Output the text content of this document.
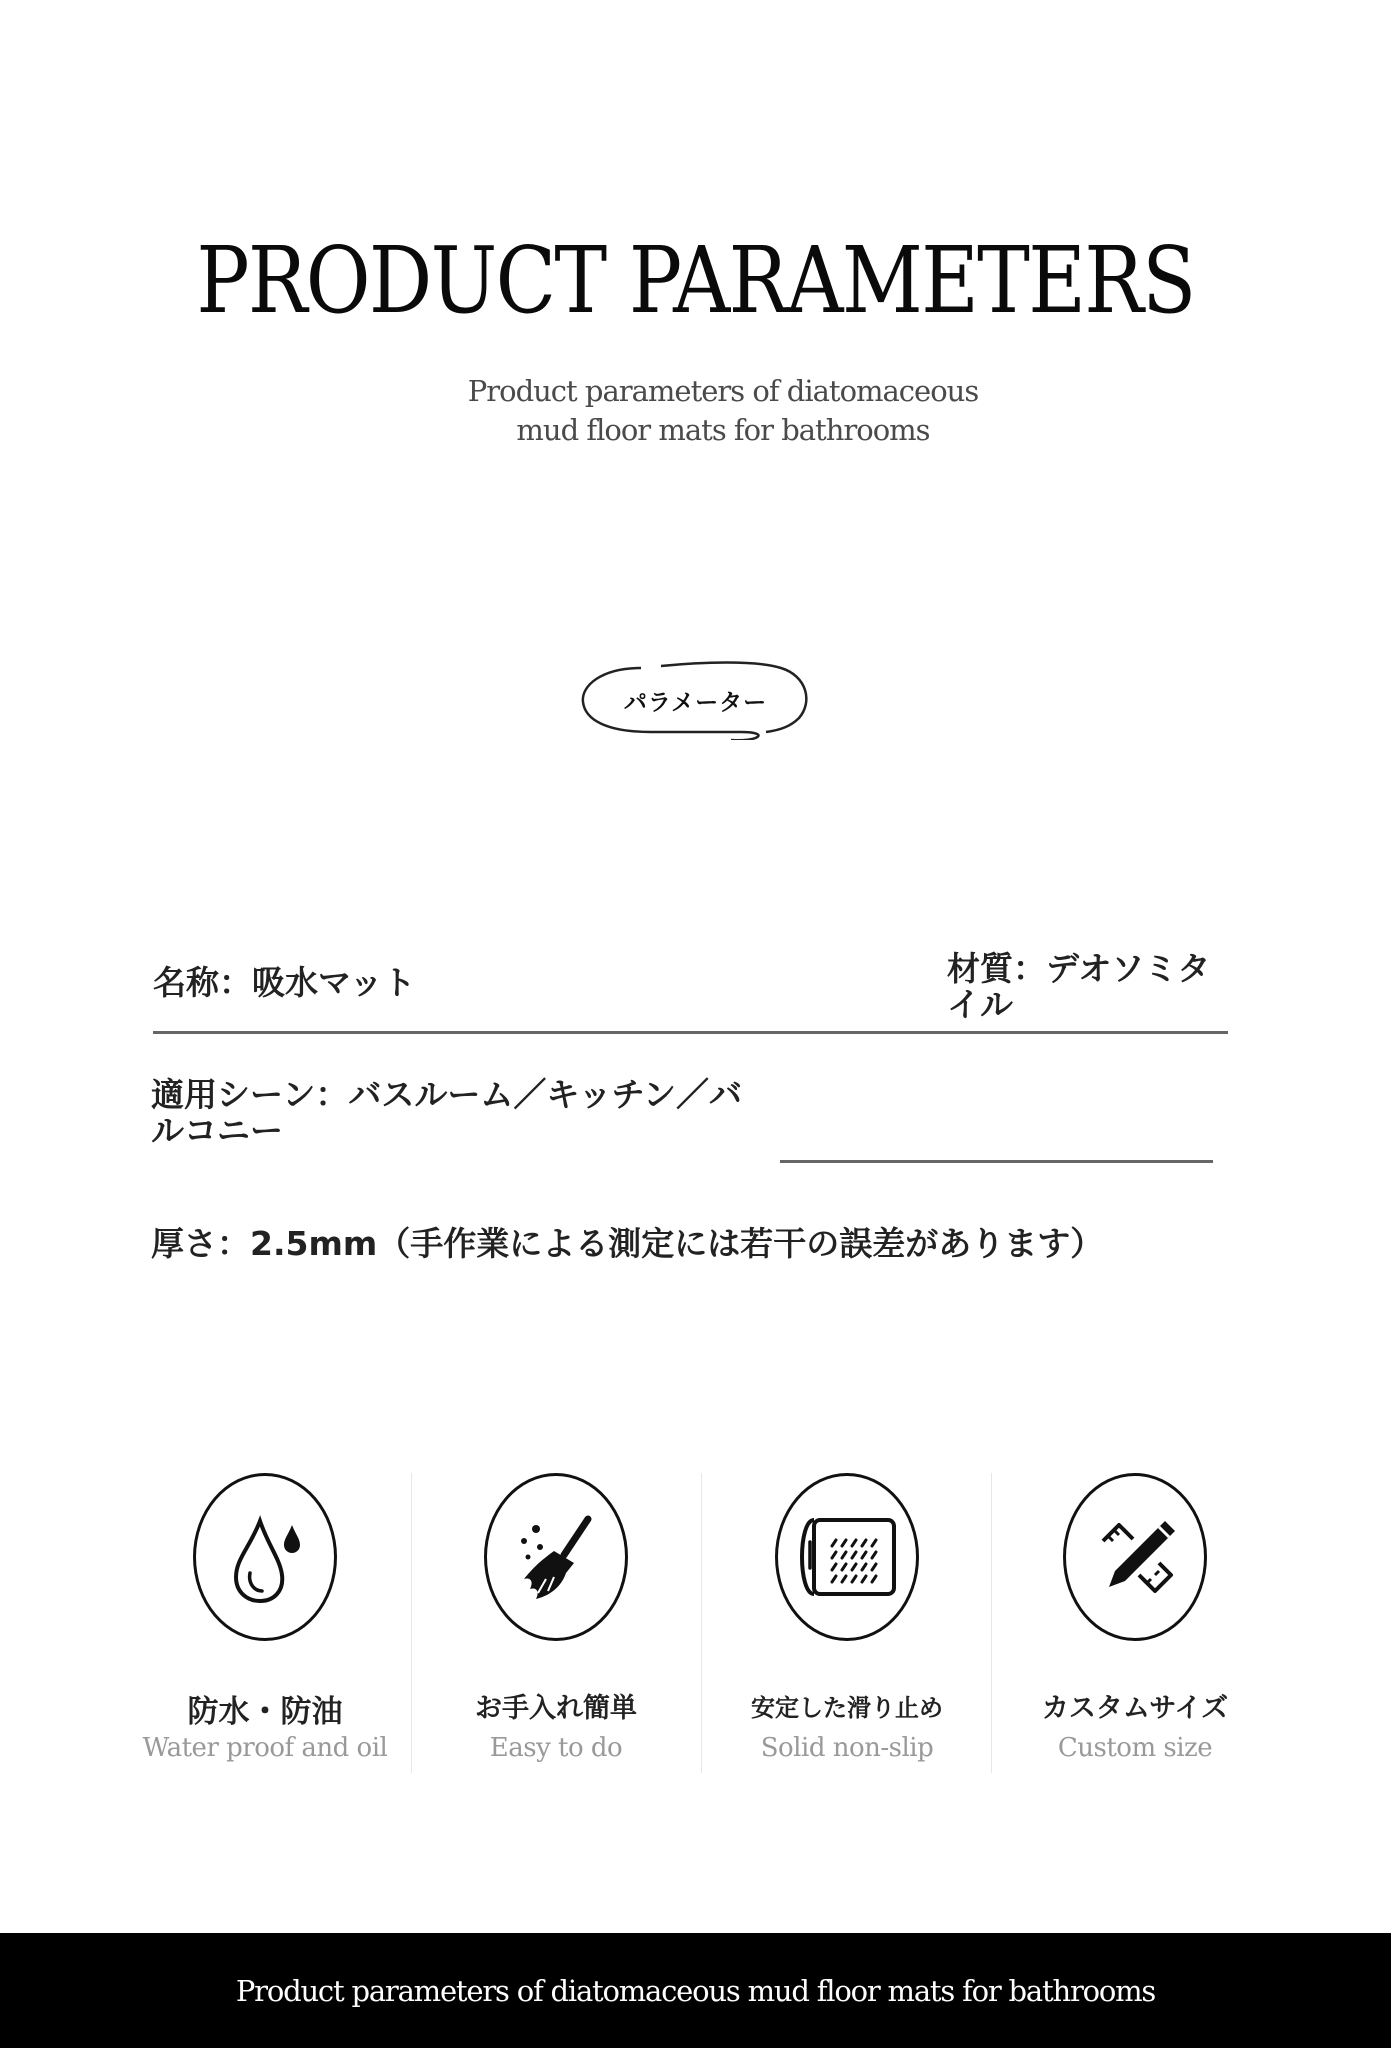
PRODUCT PARAMETERS
Product parameters of diatomaceous
mud floor mats for bathrooms
パラメーター
名称：吸水マット	材質：デオソミタ
イル
適用シーン：バスルーム／キッチン／バ
ルコニー
厚さ：2.5mm（手作業による測定には若干の誤差があります）
防水・防油
Water proof and oil
お手入れ簡単
Easy to do
安定した滑り止め
Solid non-slip
カスタムサイズ
Custom size
Product parameters of diatomaceous mud floor mats for bathrooms
